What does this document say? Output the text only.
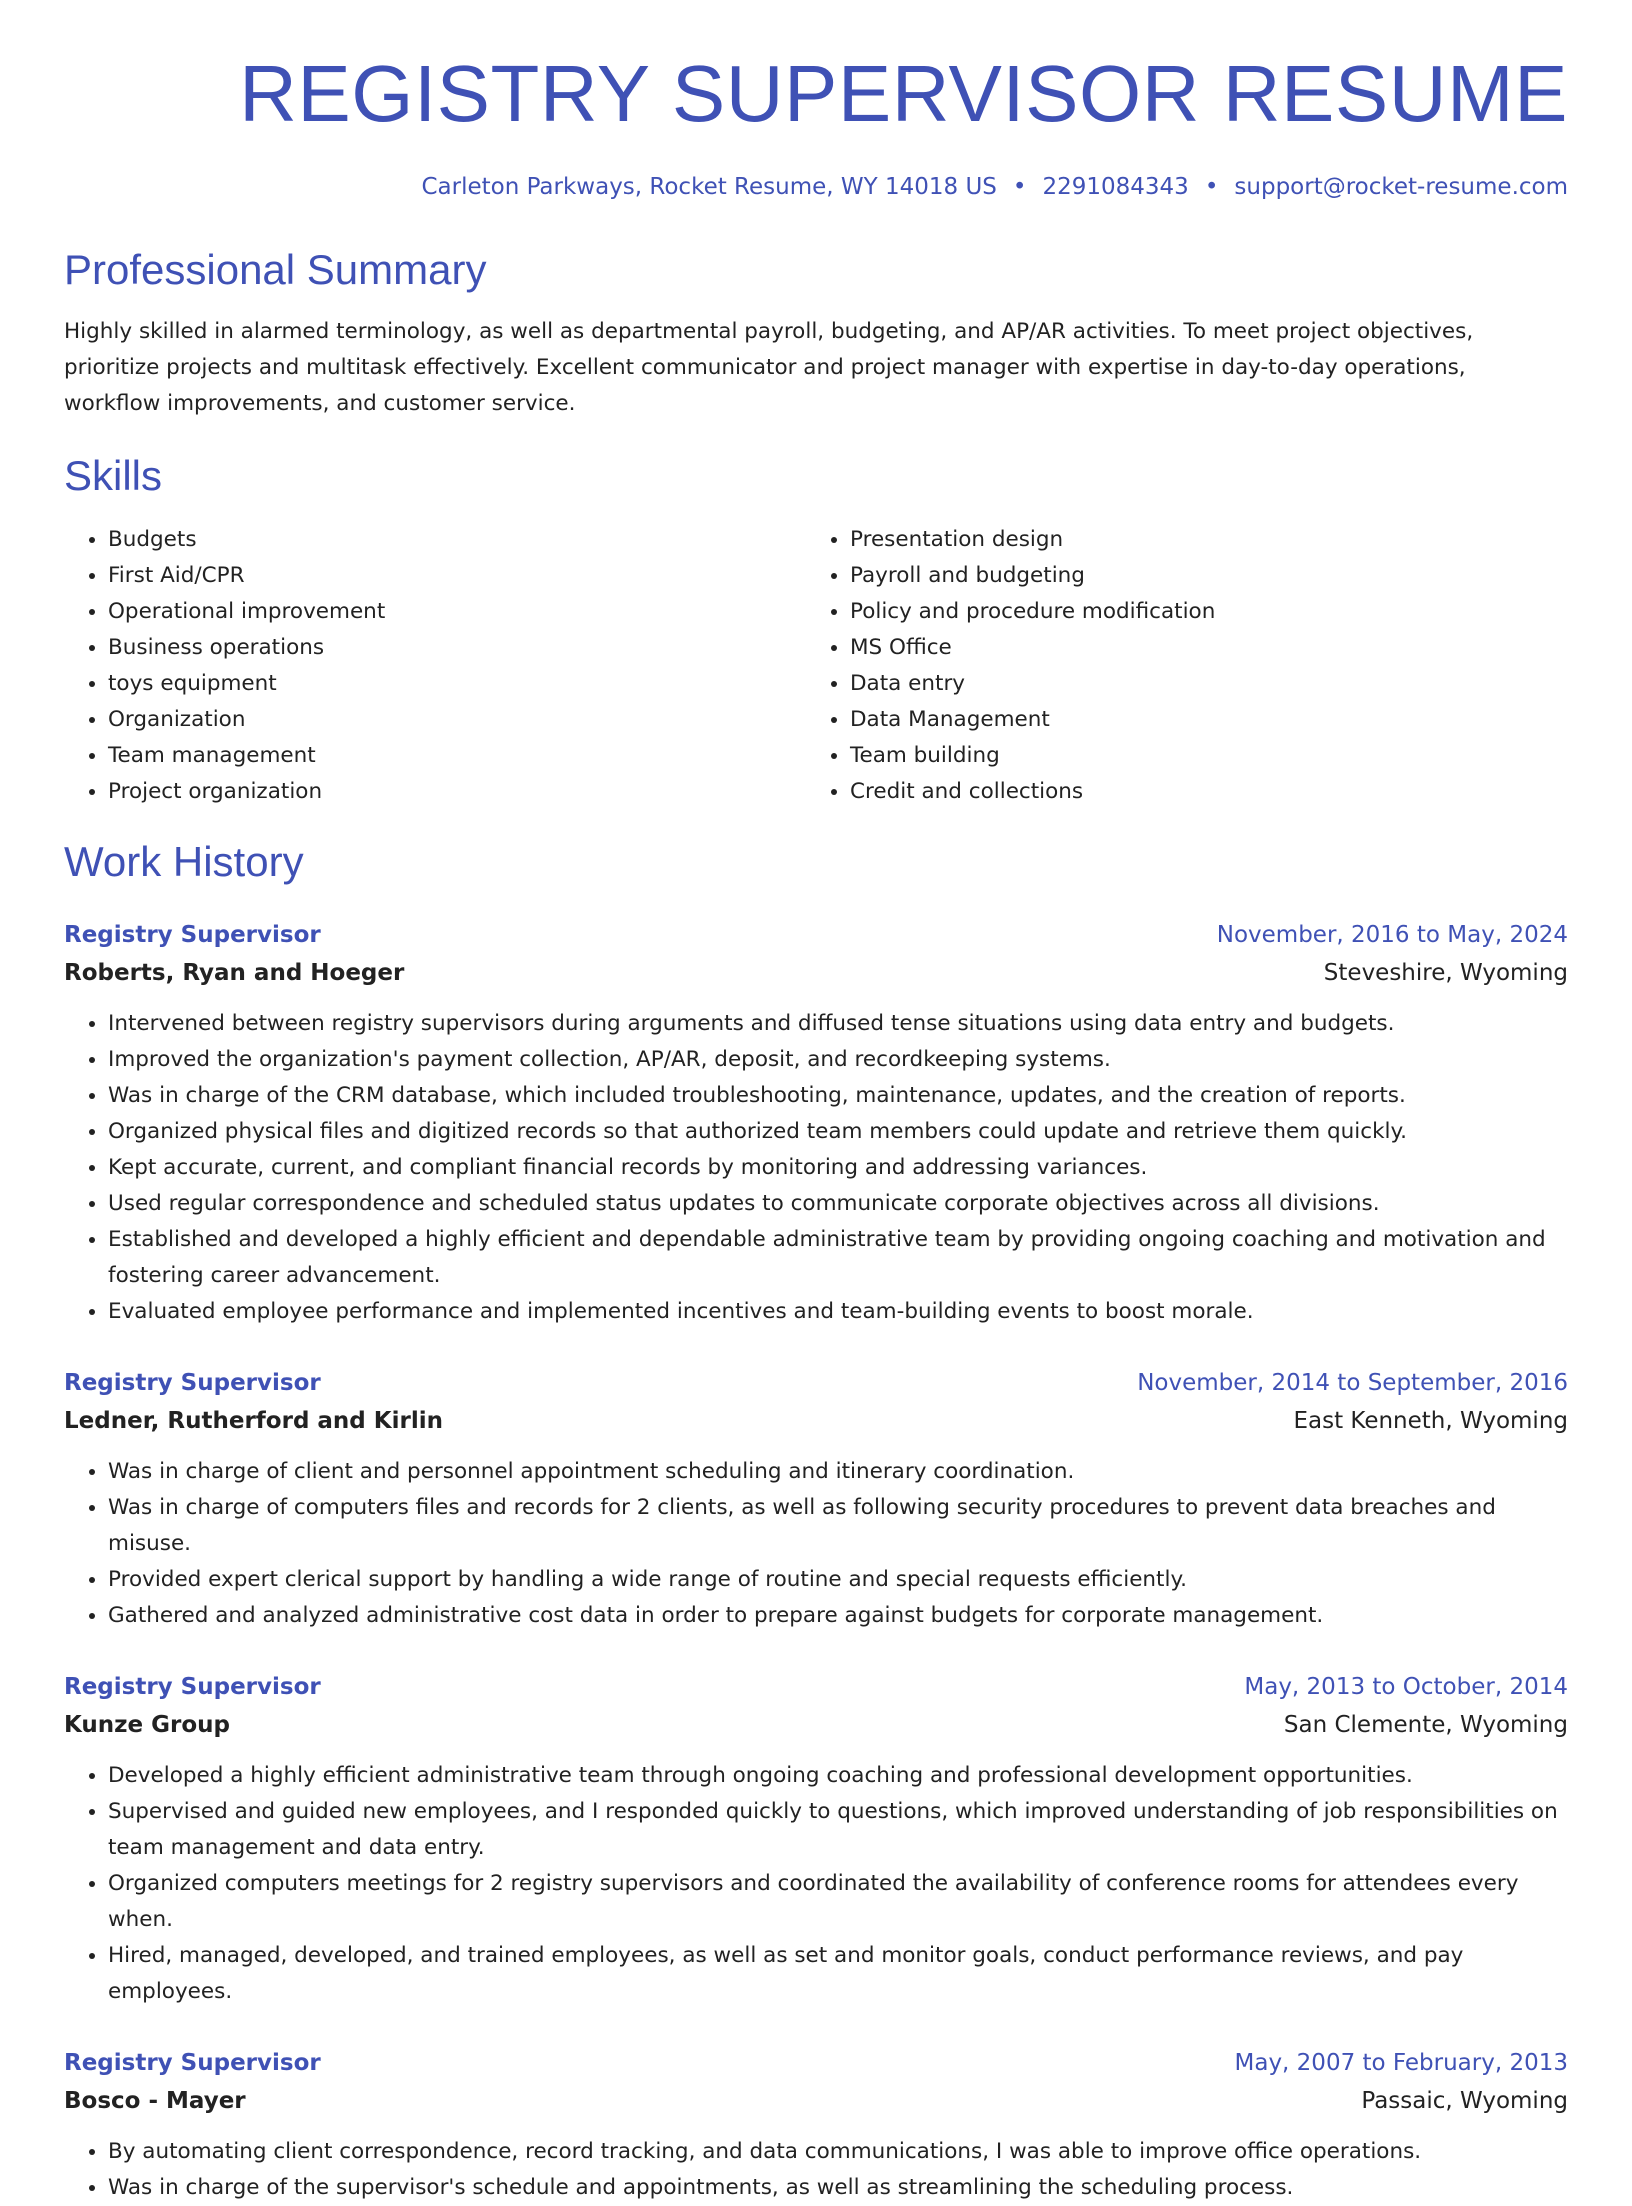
REGISTRY SUPERVISOR RESUME
Carleton Parkways, Rocket Resume, WY 14018 US • 2291084343 • support@rocket-resume.com
Professional Summary

Highly skilled in alarmed terminology, as well as departmental payroll, budgeting, and AP/AR activities. To meet project objectives, prioritize projects and multitask effectively. Excellent communicator and project manager with expertise in day-to-day operations, workflow improvements, and customer service.

Skills
• Budgets
• First Aid/CPR
• Operational improvement
• Business operations
• toys equipment
• Organization
• Team management
• Project organization
• Presentation design
• Payroll and budgeting
• Policy and procedure modification
• MS Office
• Data entry
• Data Management
• Team building
• Credit and collections
Work History
Registry Supervisor	November, 2016 to May, 2024
Roberts, Ryan and Hoeger	Steveshire, Wyoming
• Intervened between registry supervisors during arguments and diffused tense situations using data entry and budgets.
• Improved the organization's payment collection, AP/AR, deposit, and recordkeeping systems.
• Was in charge of the CRM database, which included troubleshooting, maintenance, updates, and the creation of reports.
• Organized physical files and digitized records so that authorized team members could update and retrieve them quickly.
• Kept accurate, current, and compliant financial records by monitoring and addressing variances.
• Used regular correspondence and scheduled status updates to communicate corporate objectives across all divisions.
• Established and developed a highly efficient and dependable administrative team by providing ongoing coaching and motivation and fostering career advancement.
• Evaluated employee performance and implemented incentives and team-building events to boost morale.
Registry Supervisor	November, 2014 to September, 2016
Ledner, Rutherford and Kirlin	East Kenneth, Wyoming
• Was in charge of client and personnel appointment scheduling and itinerary coordination.
• Was in charge of computers files and records for 2 clients, as well as following security procedures to prevent data breaches and misuse.
• Provided expert clerical support by handling a wide range of routine and special requests efficiently.
• Gathered and analyzed administrative cost data in order to prepare against budgets for corporate management.
Registry Supervisor	May, 2013 to October, 2014
Kunze Group	San Clemente, Wyoming
• Developed a highly efficient administrative team through ongoing coaching and professional development opportunities.
• Supervised and guided new employees, and I responded quickly to questions, which improved understanding of job responsibilities on team management and data entry.
• Organized computers meetings for 2 registry supervisors and coordinated the availability of conference rooms for attendees every when.
• Hired, managed, developed, and trained employees, as well as set and monitor goals, conduct performance reviews, and pay employees.
Registry Supervisor	May, 2007 to February, 2013
Bosco - Mayer	Passaic, Wyoming
• By automating client correspondence, record tracking, and data communications, I was able to improve office operations.
• Was in charge of the supervisor's schedule and appointments, as well as streamlining the scheduling process.
